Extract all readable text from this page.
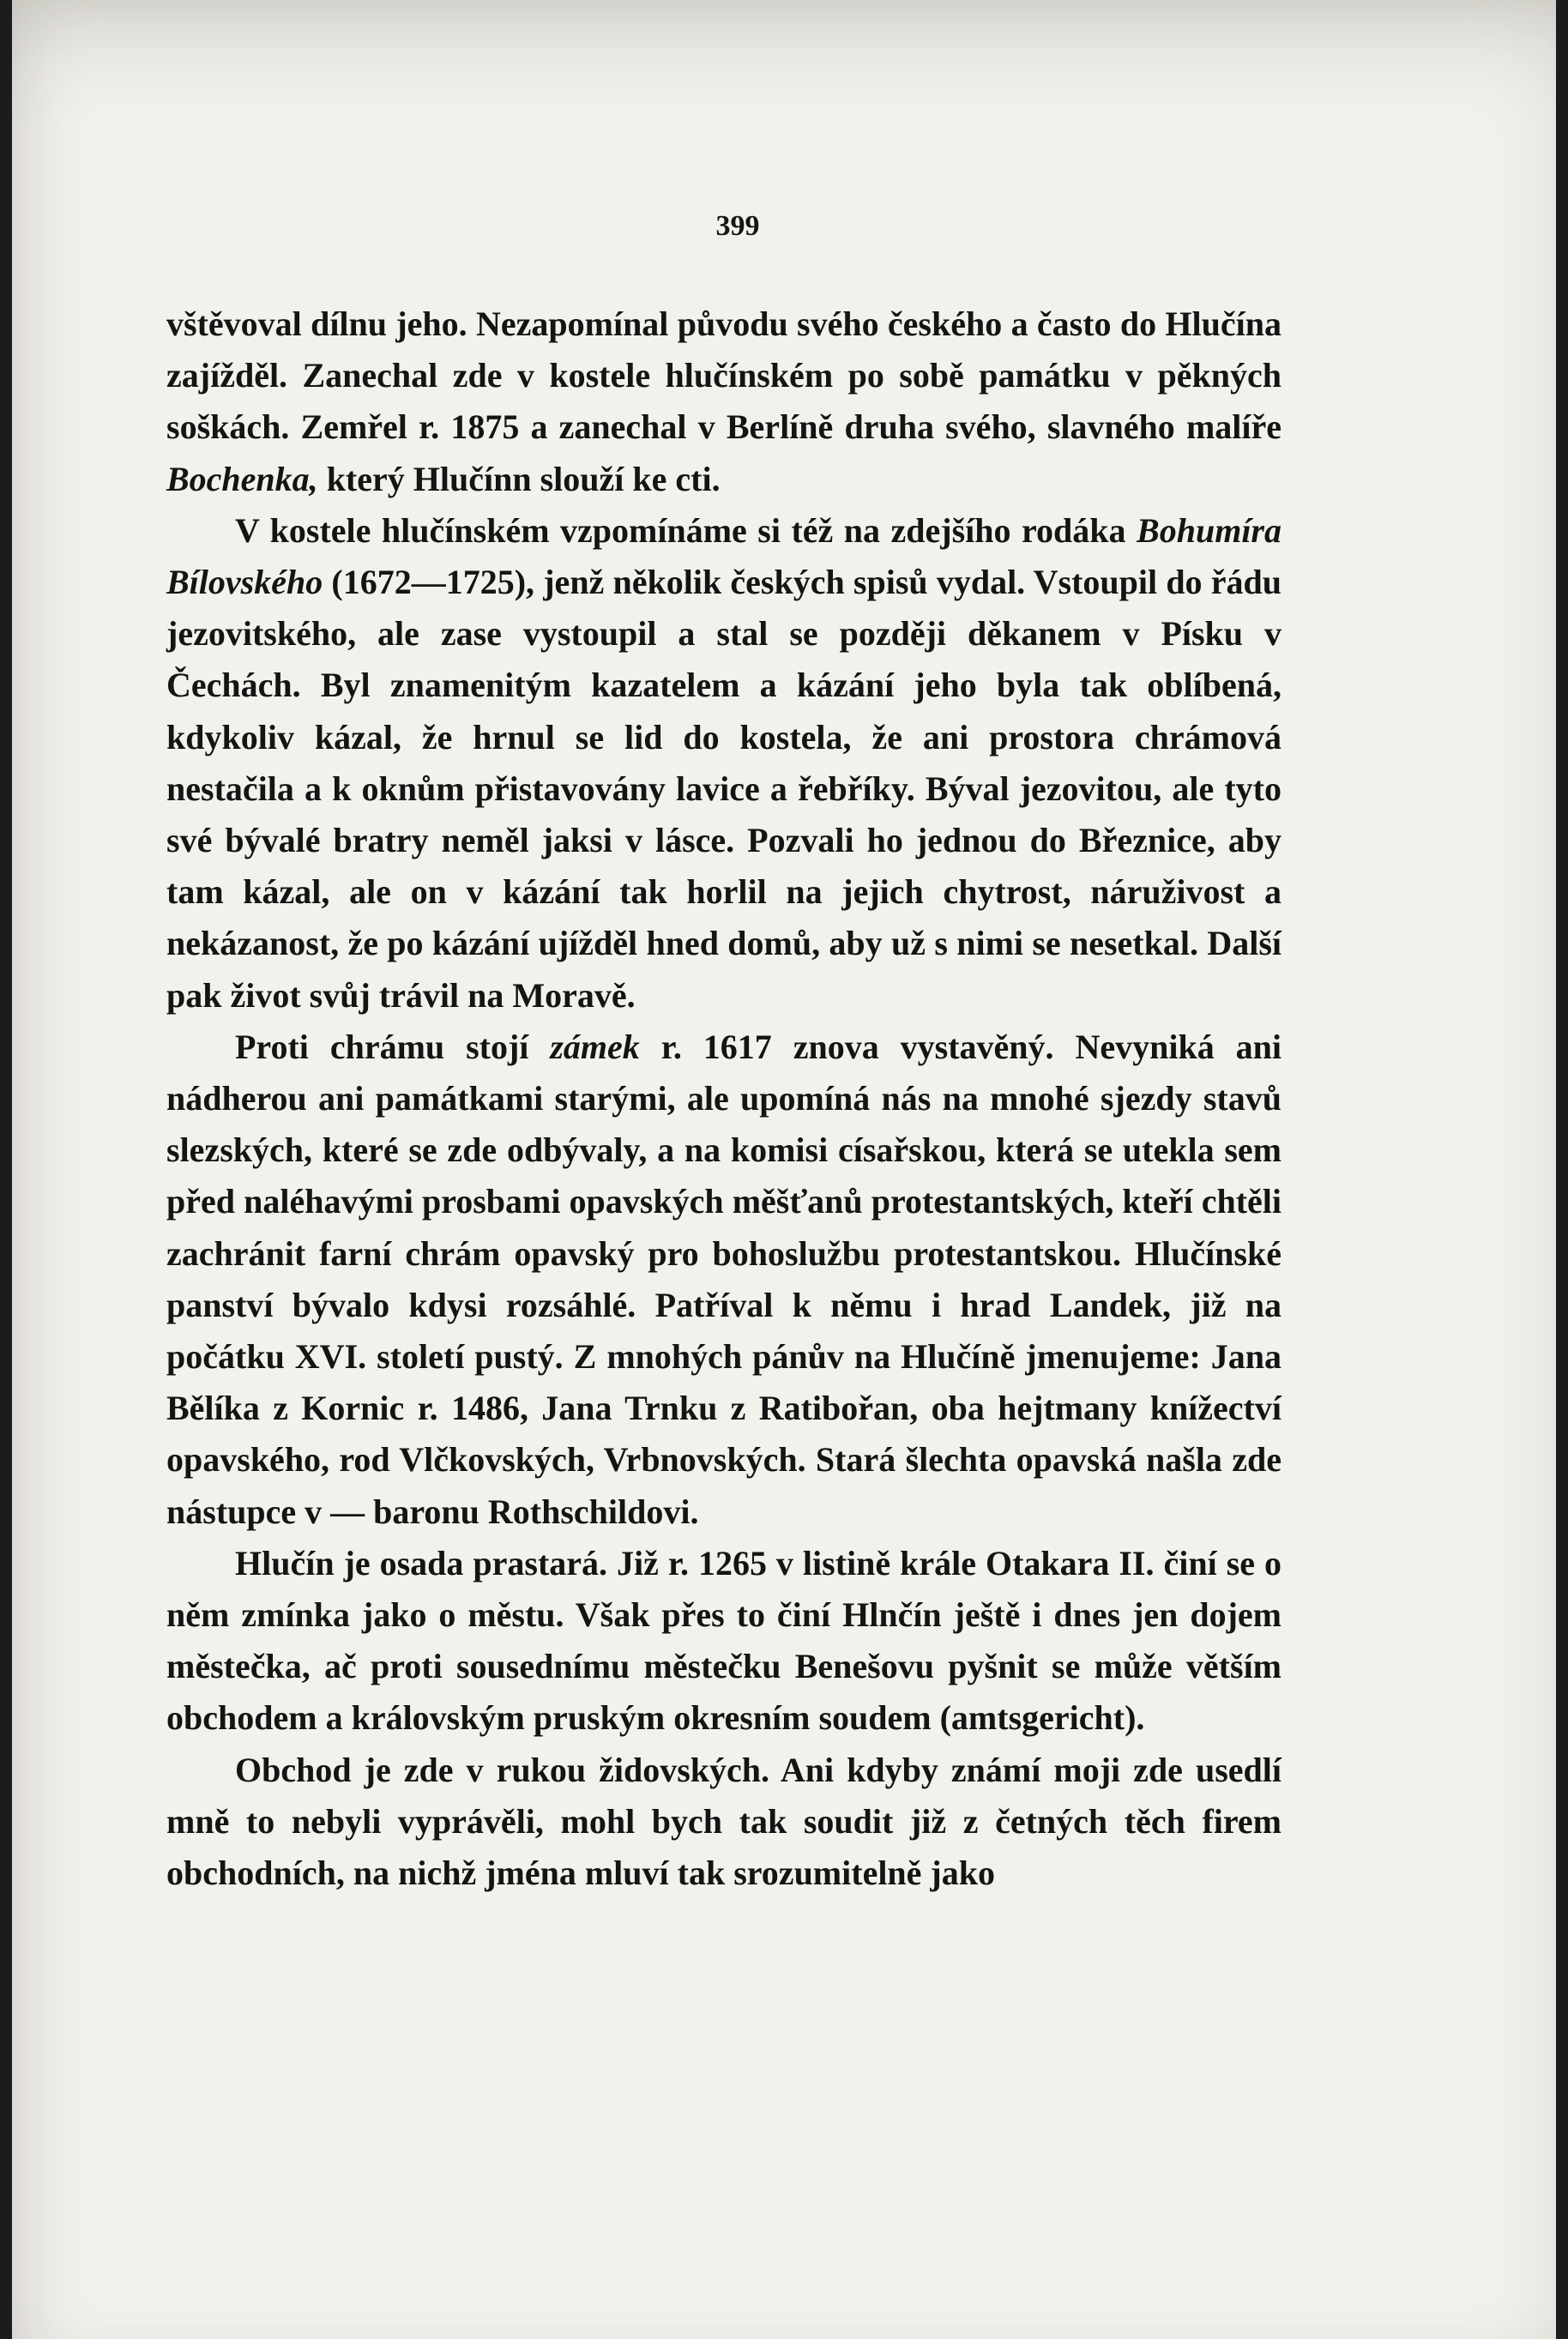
399

vštěvoval dílnu jeho. Nezapomínal původu svého českého a často do Hlučína zajížděl. Zanechal zde v kostele hlučínském po sobě památku v pěkných soškách. Zemřel r. 1875 a zanechal v Berlíně druha svého, slavného malíře Bochenka, který Hlučínn slouží ke cti.

V kostele hlučínském vzpomínáme si též na zdejšího rodáka Bohumíra Bílovského (1672—1725), jenž několik českých spisů vydal. Vstoupil do řádu jezovitského, ale zase vystoupil a stal se později děkanem v Písku v Čechách. Byl znamenitým kazatelem a kázání jeho byla tak oblíbená, kdykoliv kázal, že hrnul se lid do kostela, že ani prostora chrámová nestačila a k oknům přistavovány lavice a řebříky. Býval jezovitou, ale tyto své bývalé bratry neměl jaksi v lásce. Pozvali ho jednou do Březnice, aby tam kázal, ale on v kázání tak horlil na jejich chytrost, náruživost a nekázanost, že po kázání ujížděl hned domů, aby už s nimi se nesetkal. Další pak život svůj trávil na Moravě.

Proti chrámu stojí zámek r. 1617 znova vystavěný. Nevyniká ani nádherou ani památkami starými, ale upomíná nás na mnohé sjezdy stavů slezských, které se zde odbývaly, a na komisi císařskou, která se utekla sem před naléhavými prosbami opavských měšťanů protestantských, kteří chtěli zachránit farní chrám opavský pro bohoslužbu protestantskou. Hlučínské panství bývalo kdysi rozsáhlé. Patříval k němu i hrad Landek, již na počátku XVI. století pustý. Z mnohých pánův na Hlučíně jmenujeme: Jana Bělíka z Kornic r. 1486, Jana Trnku z Ratibořan, oba hejtmany knížectví opavského, rod Vlčkovských, Vrbnovských. Stará šlechta opavská našla zde nástupce v — baronu Rothschildovi.

Hlučín je osada prastará. Již r. 1265 v listině krále Otakara II. činí se o něm zmínka jako o městu. Však přes to činí Hlnčín ještě i dnes jen dojem městečka, ač proti sousednímu městečku Benešovu pyšnit se může větším obchodem a královským pruským okresním soudem (amtsgericht).

Obchod je zde v rukou židovských. Ani kdyby známí moji zde usedlí mně to nebyli vyprávěli, mohl bych tak soudit již z četných těch firem obchodních, na nichž jména mluví tak srozumitelně jako
